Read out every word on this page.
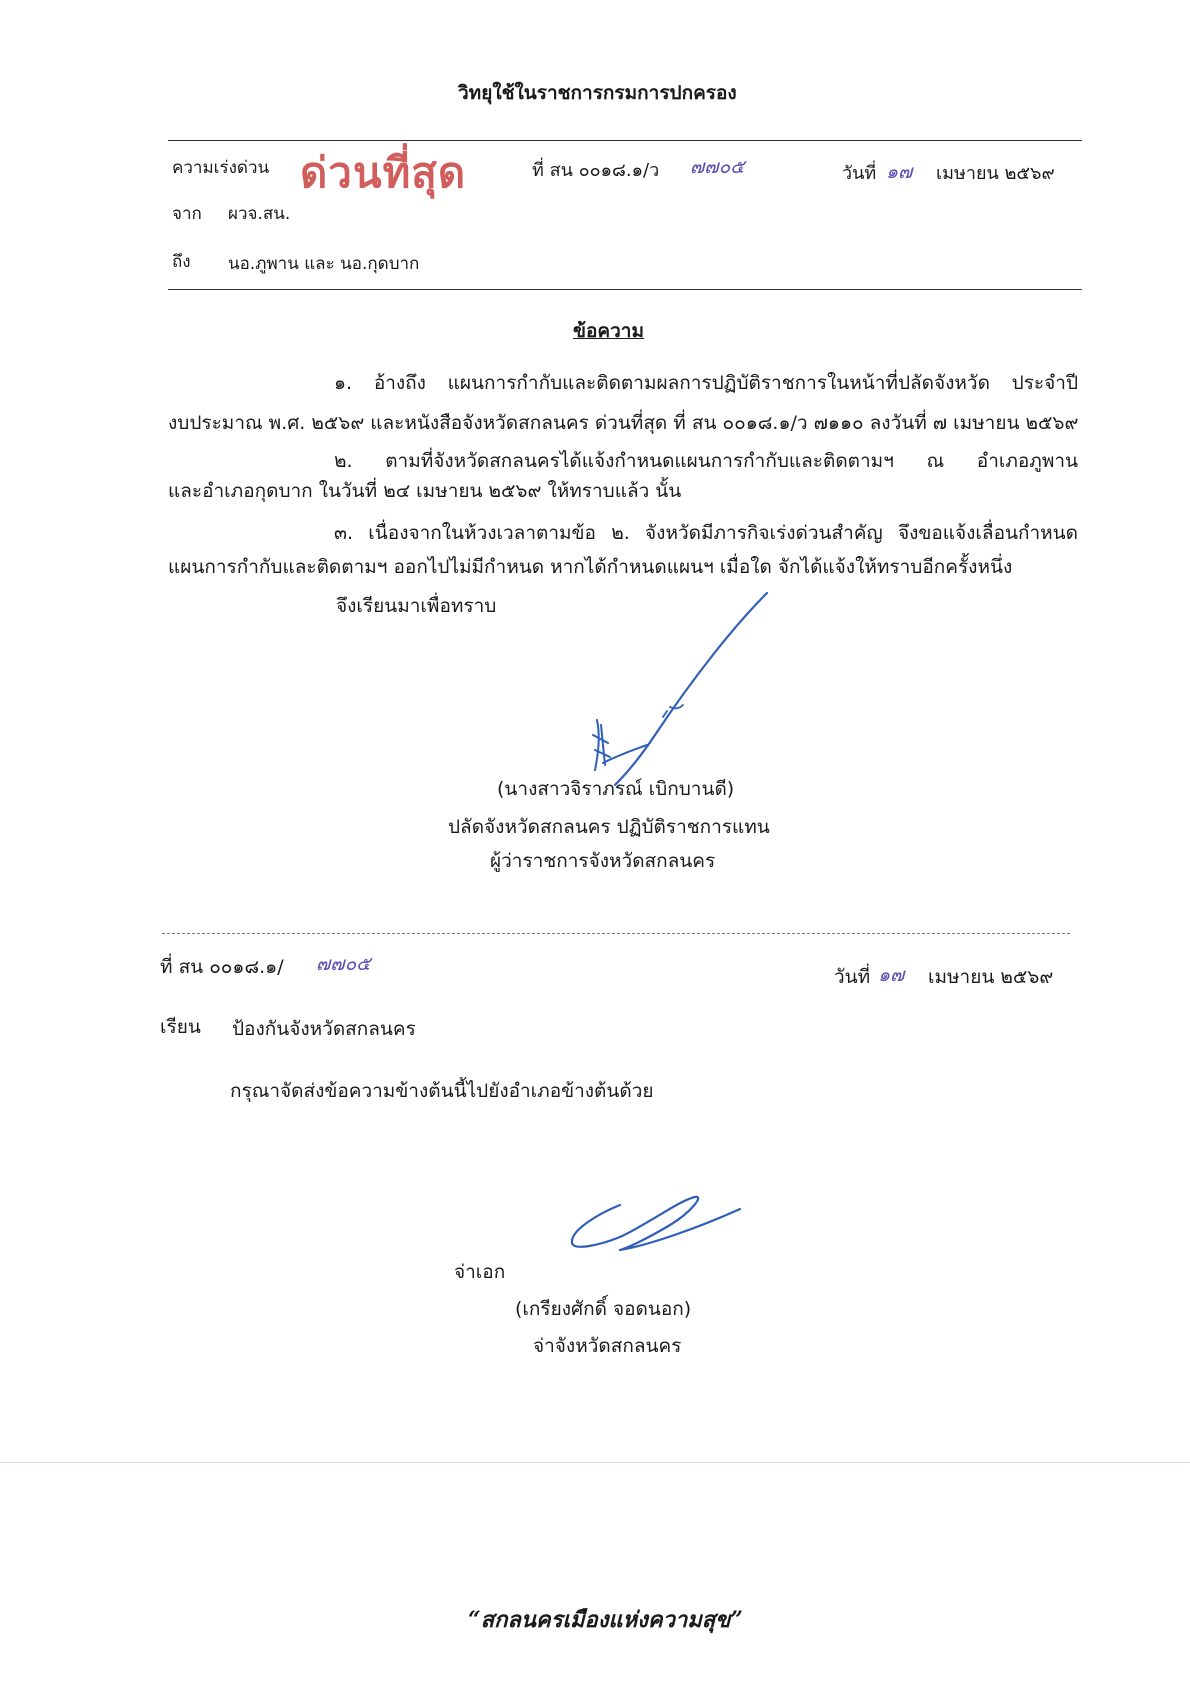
วิทยุใช้ในราชการกรมการปกครอง
ความเร่งด่วน ด่วนที่สุด	ที่ สน ๐๐๑๘.๑/ว ๗๗๐๕	วันที่ ๑๗ เมษายน ๒๕๖๙
จาก ผวจ.สน.
ถึง นอ.ภูพาน และ นอ.กุดบาก
ข้อความ
๑. อ้างถึง แผนการกำกับและติดตามผลการปฏิบัติราชการในหน้าที่ปลัดจังหวัด ประจำปี
งบประมาณ พ.ศ. ๒๕๖๙ และหนังสือจังหวัดสกลนคร ด่วนที่สุด ที่ สน ๐๐๑๘.๑/ว ๗๑๑๐ ลงวันที่ ๗ เมษายน ๒๕๖๙
๒. ตามที่จังหวัดสกลนครได้แจ้งกำหนดแผนการกำกับและติดตามฯ ณ อำเภอภูพาน
และอำเภอกุดบาก ในวันที่ ๒๔ เมษายน ๒๕๖๙ ให้ทราบแล้ว นั้น
๓. เนื่องจากในห้วงเวลาตามข้อ ๒. จังหวัดมีภารกิจเร่งด่วนสำคัญ จึงขอแจ้งเลื่อนกำหนด
แผนการกำกับและติดตามฯ ออกไปไม่มีกำหนด หากได้กำหนดแผนฯ เมื่อใด จักได้แจ้งให้ทราบอีกครั้งหนึ่ง
จึงเรียนมาเพื่อทราบ
(นางสาวจิราภรณ์ เบิกบานดี)
ปลัดจังหวัดสกลนคร ปฏิบัติราชการแทน
ผู้ว่าราชการจังหวัดสกลนคร
ที่ สน ๐๐๑๘.๑/ ๗๗๐๕
วันที่ ๑๗ เมษายน ๒๕๖๙
เรียน ป้องกันจังหวัดสกลนคร
กรุณาจัดส่งข้อความข้างต้นนี้ไปยังอำเภอข้างต้นด้วย
จ่าเอก
(เกรียงศักดิ์ จอดนอก)
จ่าจังหวัดสกลนคร
“สกลนครเมืองแห่งความสุข”
